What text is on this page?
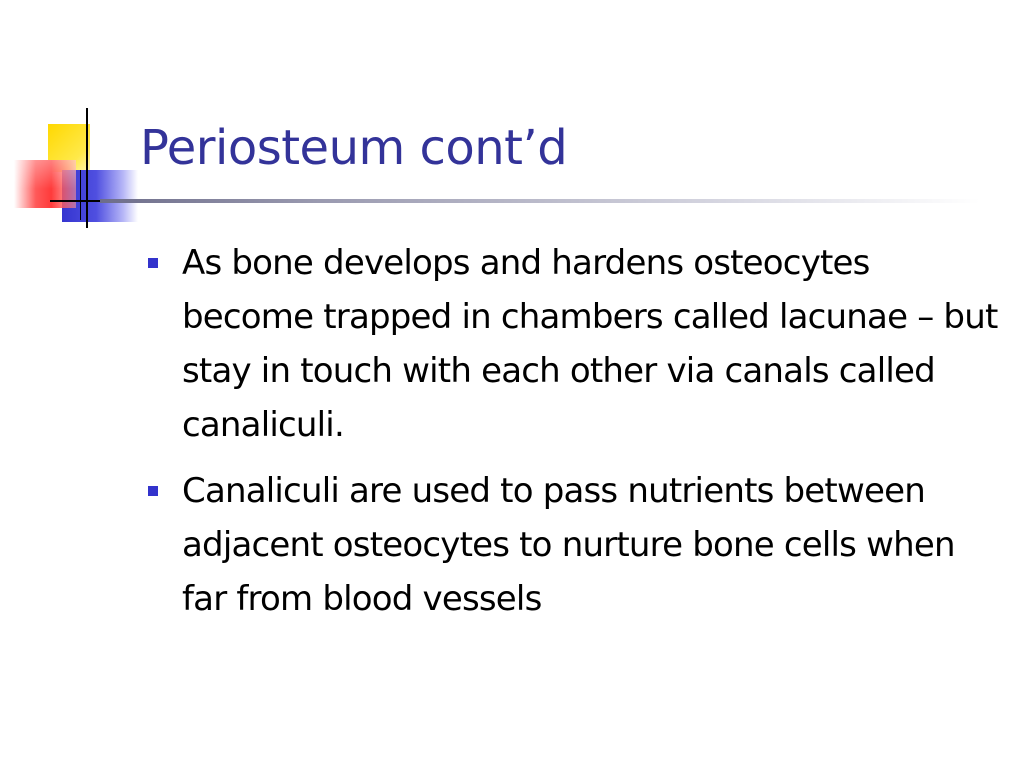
Periosteum cont’d
As bone develops and hardens osteocytes become trapped in chambers called lacunae – but stay in touch with each other via canals called canaliculi.
Canaliculi are used to pass nutrients between adjacent osteocytes to nurture bone cells when far from blood vessels
